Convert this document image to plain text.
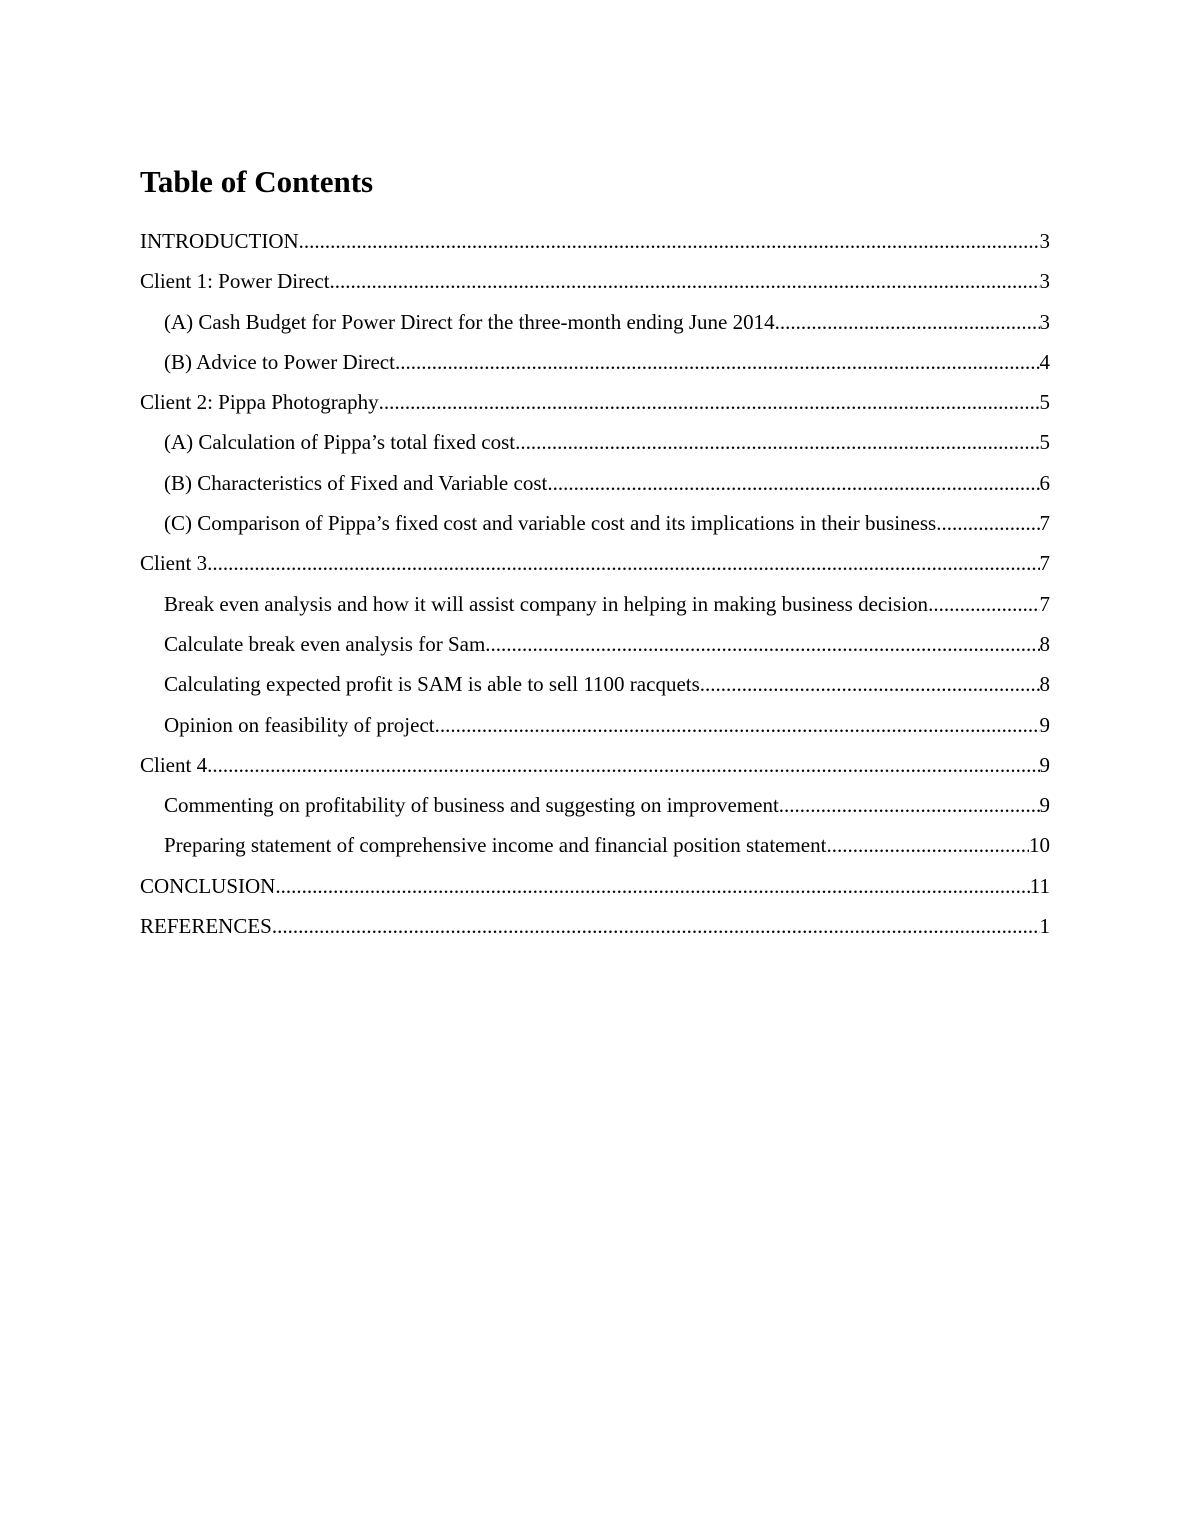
Table of Contents
INTRODUCTION .....	3
Client 1: Power Direct .....	3
(A) Cash Budget for Power Direct for the three-month ending June 2014 .....	3
(B) Advice to Power Direct .....	4
Client 2: Pippa Photography .....	5
(A) Calculation of Pippa’s total fixed cost .....	5
(B) Characteristics of Fixed and Variable cost .....	6
(C) Comparison of Pippa’s fixed cost and variable cost and its implications in their business. .....	7
Client 3 .....	7
Break even analysis and how it will assist company in helping in making business decision .....	7
Calculate break even analysis for Sam .....	8
Calculating expected profit is SAM is able to sell 1100 racquets .....	8
Opinion on feasibility of project .....	9
Client 4 .....	9
Commenting on profitability of business and suggesting on improvement .....	9
Preparing statement of comprehensive income and financial position statement .....	10
CONCLUSION .....	11
REFERENCES .....	1
